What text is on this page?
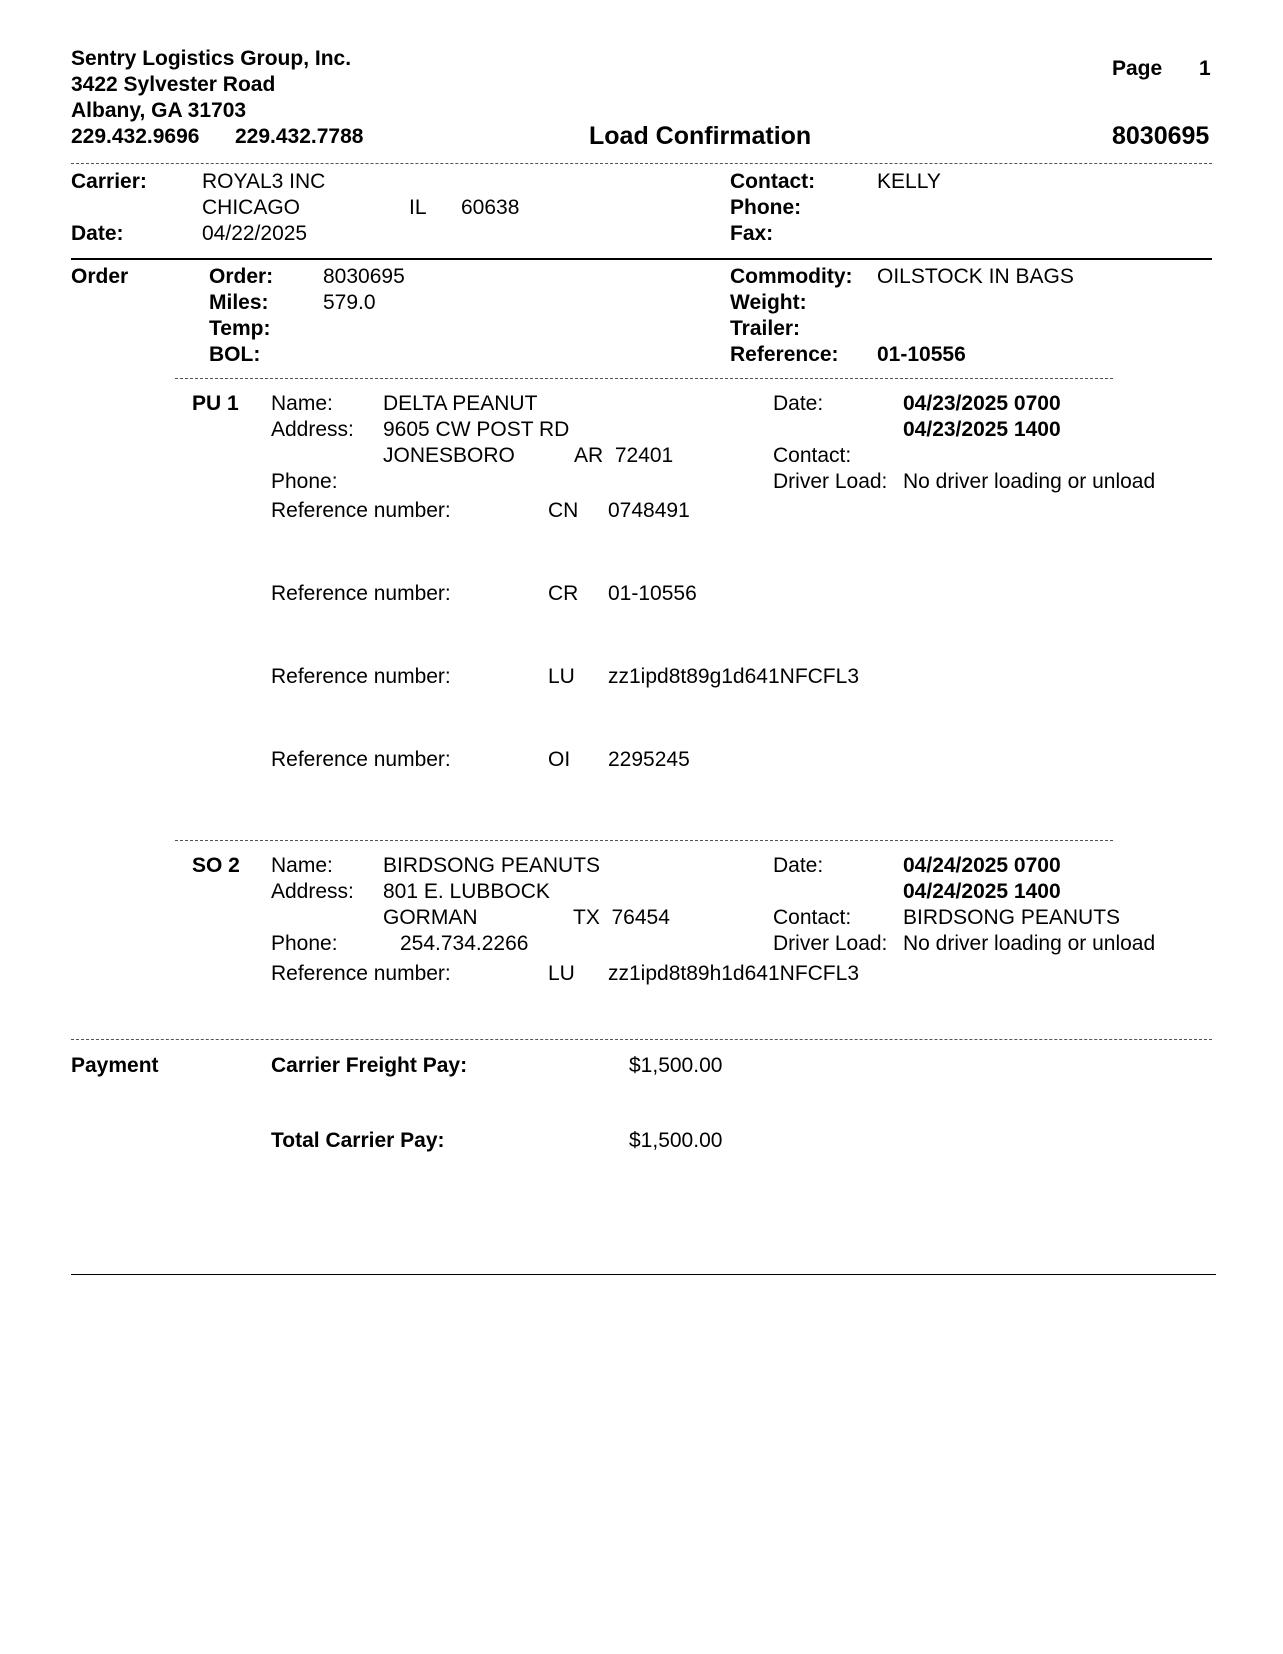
Sentry Logistics Group, Inc.
3422 Sylvester Road
Albany, GA 31703
229.432.9696 229.432.7788
Page 1
Load Confirmation	8030695
Carrier:	ROYAL3 INC
CHICAGO	IL 60638
Date:	04/22/2025
Contact:	KELLY
Phone:
Fax:
Order	Order: 8030695
Miles:	579.0
Temp:
BOL:
Commodity: OILSTOCK IN BAGS
Weight:
Trailer:
Reference: 01-10556
PU 1 Name: DELTA PEANUT
Address: 9605 CW POST RD
JONESBORO	AR  72401
Phone:
Date:	04/23/2025 0700
04/23/2025 1400
Contact:
Driver Load: No driver loading or unload
Reference number:	CN 0748491
Reference number:	CR 01-10556
Reference number:	LU zz1ipd8t89g1d641NFCFL3
Reference number:	OI 2295245
SO 2 Name: BIRDSONG PEANUTS
Address: 801 E. LUBBOCK
GORMAN	TX  76454
Phone:	254.734.2266
Date:	04/24/2025 0700
04/24/2025 1400
Contact: BIRDSONG PEANUTS
Driver Load: No driver loading or unload
Reference number:	LU zz1ipd8t89h1d641NFCFL3
Payment	Carrier Freight Pay:	$1,500.00
Total Carrier Pay:	$1,500.00
